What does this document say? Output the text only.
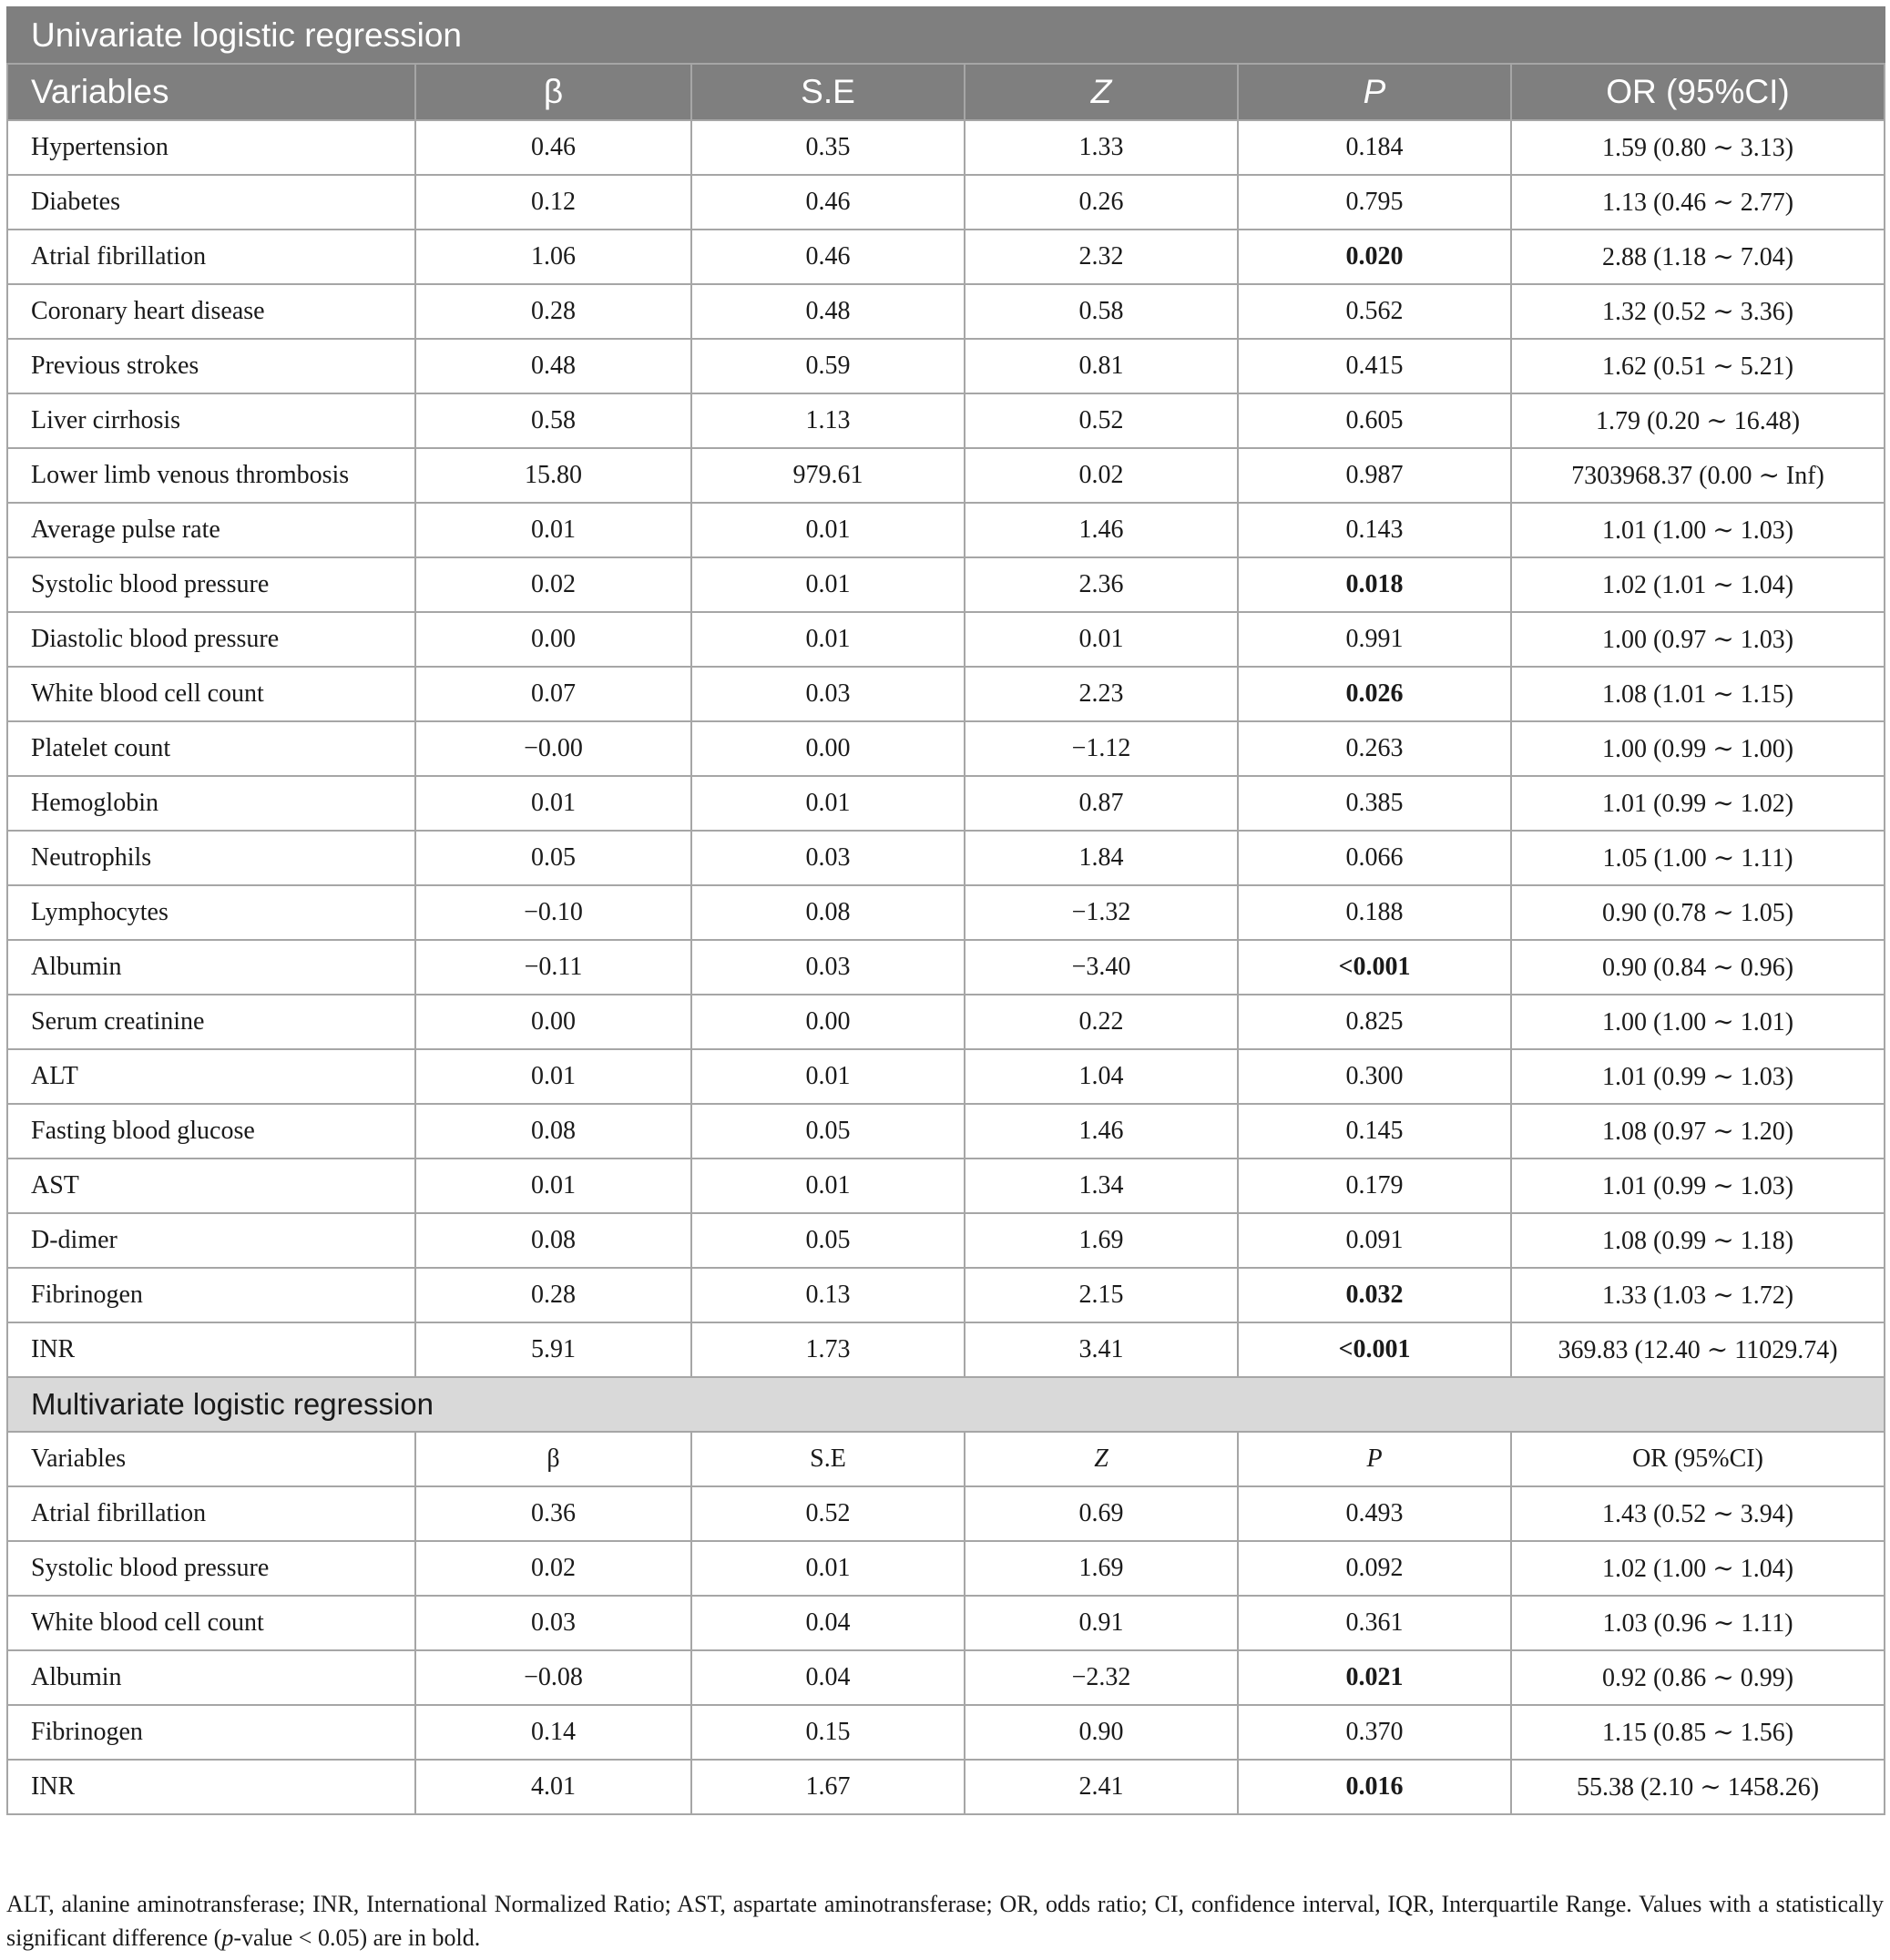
Univariate logistic regression					
Variables	β	S.E	Z	P	OR (95%CI)
Hypertension	0.46	0.35	1.33	0.184	1.59 (0.80 ∼ 3.13)
Diabetes	0.12	0.46	0.26	0.795	1.13 (0.46 ∼ 2.77)
Atrial fibrillation	1.06	0.46	2.32	0.020	2.88 (1.18 ∼ 7.04)
Coronary heart disease	0.28	0.48	0.58	0.562	1.32 (0.52 ∼ 3.36)
Previous strokes	0.48	0.59	0.81	0.415	1.62 (0.51 ∼ 5.21)
Liver cirrhosis	0.58	1.13	0.52	0.605	1.79 (0.20 ∼ 16.48)
Lower limb venous thrombosis	15.80	979.61	0.02	0.987	7303968.37 (0.00 ∼ Inf)
Average pulse rate	0.01	0.01	1.46	0.143	1.01 (1.00 ∼ 1.03)
Systolic blood pressure	0.02	0.01	2.36	0.018	1.02 (1.01 ∼ 1.04)
Diastolic blood pressure	0.00	0.01	0.01	0.991	1.00 (0.97 ∼ 1.03)
White blood cell count	0.07	0.03	2.23	0.026	1.08 (1.01 ∼ 1.15)
Platelet count	−0.00	0.00	−1.12	0.263	1.00 (0.99 ∼ 1.00)
Hemoglobin	0.01	0.01	0.87	0.385	1.01 (0.99 ∼ 1.02)
Neutrophils	0.05	0.03	1.84	0.066	1.05 (1.00 ∼ 1.11)
Lymphocytes	−0.10	0.08	−1.32	0.188	0.90 (0.78 ∼ 1.05)
Albumin	−0.11	0.03	−3.40	<0.001	0.90 (0.84 ∼ 0.96)
Serum creatinine	0.00	0.00	0.22	0.825	1.00 (1.00 ∼ 1.01)
ALT	0.01	0.01	1.04	0.300	1.01 (0.99 ∼ 1.03)
Fasting blood glucose	0.08	0.05	1.46	0.145	1.08 (0.97 ∼ 1.20)
AST	0.01	0.01	1.34	0.179	1.01 (0.99 ∼ 1.03)
D-dimer	0.08	0.05	1.69	0.091	1.08 (0.99 ∼ 1.18)
Fibrinogen	0.28	0.13	2.15	0.032	1.33 (1.03 ∼ 1.72)
INR	5.91	1.73	3.41	<0.001	369.83 (12.40 ∼ 11029.74)
Multivariate logistic regression					
Variables	β	S.E	Z	P	OR (95%CI)
Atrial fibrillation	0.36	0.52	0.69	0.493	1.43 (0.52 ∼ 3.94)
Systolic blood pressure	0.02	0.01	1.69	0.092	1.02 (1.00 ∼ 1.04)
White blood cell count	0.03	0.04	0.91	0.361	1.03 (0.96 ∼ 1.11)
Albumin	−0.08	0.04	−2.32	0.021	0.92 (0.86 ∼ 0.99)
Fibrinogen	0.14	0.15	0.90	0.370	1.15 (0.85 ∼ 1.56)
INR	4.01	1.67	2.41	0.016	55.38 (2.10 ∼ 1458.26)

ALT, alanine aminotransferase; INR, International Normalized Ratio; AST, aspartate aminotransferase; OR, odds ratio; CI, confidence interval, IQR, Interquartile Range. Values with a statistically significant difference (p-value < 0.05) are in bold.
